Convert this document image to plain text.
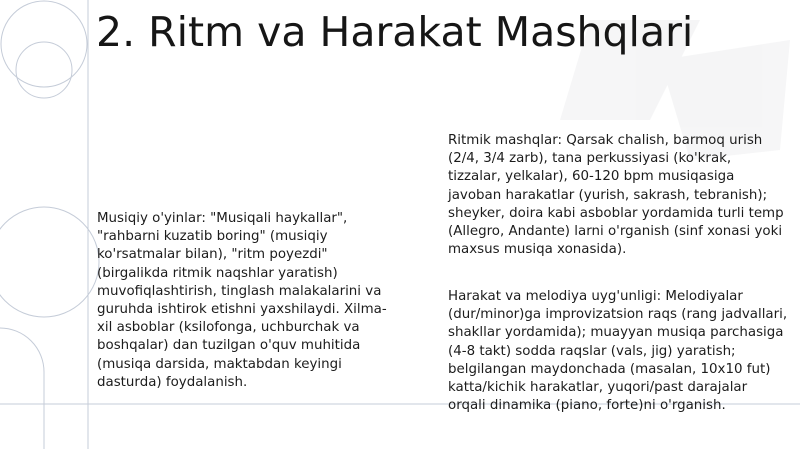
2. Ritm va Harakat Mashqlari

Musiqiy o'yinlar: "Musiqali haykallar", "rahbarni kuzatib boring" (musiqiy ko'rsatmalar bilan), "ritm poyezdi" (birgalikda ritmik naqshlar yaratish) muvofiqlashtirish, tinglash malakalarini va guruhda ishtirok etishni yaxshilaydi. Xilma-xil asboblar (ksilofonga, uchburchak va boshqalar) dan tuzilgan o'quv muhitida (musiqa darsida, maktabdan keyingi dasturda) foydalanish.

Ritmik mashqlar: Qarsak chalish, barmoq urish (2/4, 3/4 zarb), tana perkussiyasi (ko'krak, tizzalar, yelkalar), 60-120 bpm musiqasiga javoban harakatlar (yurish, sakrash, tebranish); sheyker, doira kabi asboblar yordamida turli temp (Allegro, Andante) larni o'rganish (sinf xonasi yoki maxsus musiqa xonasida).

Harakat va melodiya uyg'unligi: Melodiyalar (dur/minor)ga improvizatsion raqs (rang jadvallari, shakllar yordamida); muayyan musiqa parchasiga (4-8 takt) sodda raqslar (vals, jig) yaratish; belgilangan maydonchada (masalan, 10x10 fut) katta/kichik harakatlar, yuqori/past darajalar orqali dinamika (piano, forte)ni o'rganish.
